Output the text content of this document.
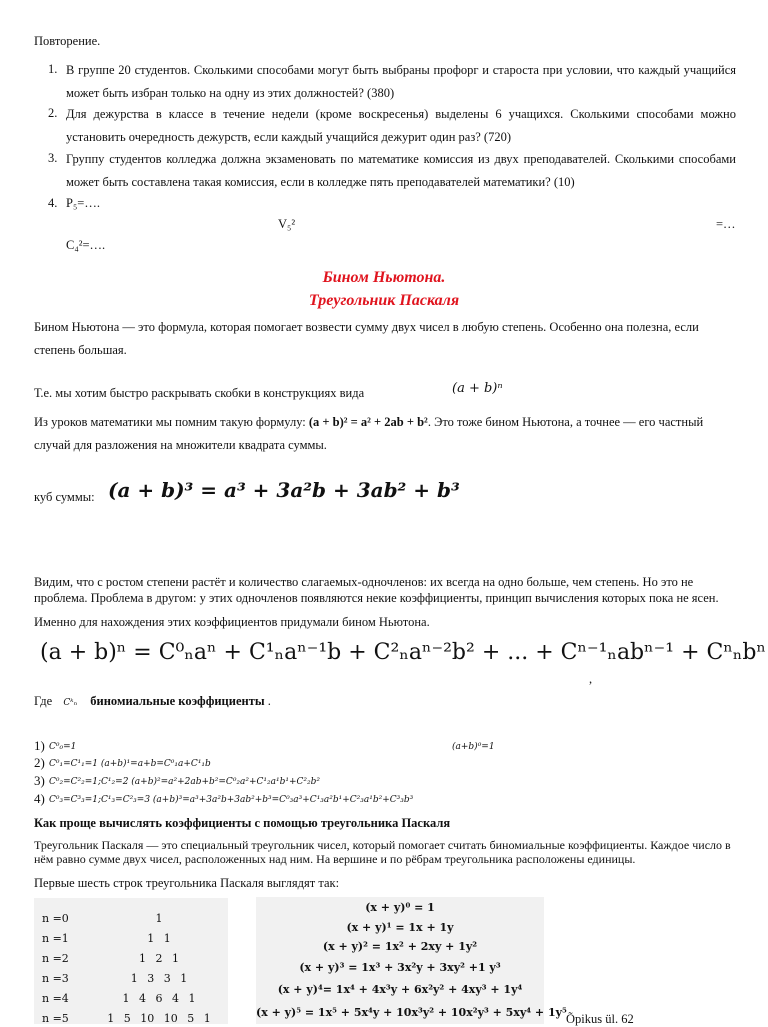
Повторение.
1. В группе 20 студентов. Сколькими способами могут быть выбраны профорг и староста при условии, что каждый учащийся может быть избран только на одну из этих должностей? (380)
2. Для дежурства в классе в течение недели (кроме воскресенья) выделены 6 учащихся. Сколькими способами можно установить очередность дежурств, если каждый учащийся дежурит один раз? (720)
3. Группу студентов колледжа должна экзаменовать по математике комиссия из двух преподавателей. Сколькими способами может быть составлена такая комиссия, если в колледже пять преподавателей математики? (10)
4. P₅=….
V₅²	=…
C₄²=….
Бином Ньютона.
Треугольник Паскаля
Бином Ньютона — это формула, которая помогает возвести сумму двух чисел в любую степень. Особенно она полезна, если степень большая.
Т.е. мы хотим быстро раскрывать скобки в конструкциях вида	(a + b)ⁿ
Из уроков математики мы помним такую формулу: (a + b)² = a² + 2ab + b². Это тоже бином Ньютона, а точнее — его частный случай для разложения на множители квадрата суммы.
куб суммы: (a + b)³ = a³ + 3a²b + 3ab² + b³
Видим, что с ростом степени растёт и количество слагаемых-одночленов: их всегда на одно больше, чем степень. Но это не проблема. Проблема в другом: у этих одночленов появляются некие коэффициенты, принцип вычисления которых пока не ясен.
Именно для нахождения этих коэффициентов придумали бином Ньютона.
(a + b)ⁿ = C⁰ₙaⁿ + C¹ₙaⁿ⁻¹b + C²ₙaⁿ⁻²b² + ... + Cⁿ⁻¹ₙabⁿ⁻¹ + Cⁿₙbⁿ
,
Где Cᵏₙ биномиальные коэффициенты .
1) C⁰₀=1	(a+b)⁰=1
2) C⁰₁=C¹₁=1 (a+b)¹=a+b=C⁰₁a+C¹₁b
3) C⁰₂=C²₂=1;C¹₂=2 (a+b)²=a²+2ab+b²=C⁰₂a²+C¹₂a¹b¹+C²₂b²
4) C⁰₃=C³₃=1;C¹₃=C²₃=3 (a+b)³=a³+3a²b+3ab²+b³=C⁰₃a³+C¹₃a²b¹+C²₃a¹b²+C³₃b³
Как проще вычислять коэффициенты с помощью треугольника Паскаля
Треугольник Паскаля — это специальный треугольник чисел, который помогает считать биномиальные коэффициенты. Каждое число в нём равно сумме двух чисел, расположенных над ним. На вершине и по рёбрам треугольника расположены единицы.
Первые шесть строк треугольника Паскаля выглядят так:
n =0	1
n =1	1 1
n =2	1 2 1
n =3	1 3 3 1
n =4	1 4 6 4 1
n =5	1 5 10 10 5 1
(x + y)⁰ = 1
(x + y)¹ = 1x + 1y
(x + y)² = 1x² + 2xy + 1y²
(x + y)³ = 1x³ + 3x²y + 3xy² +1 y³
(x + y)⁴= 1x⁴ + 4x³y + 6x²y² + 4xy³ + 1y⁴
(x + y)⁵ = 1x⁵ + 5x⁴y + 10x³y² + 10x²y³ + 5xy⁴ + 1y⁵ Õpikus ül. 62
